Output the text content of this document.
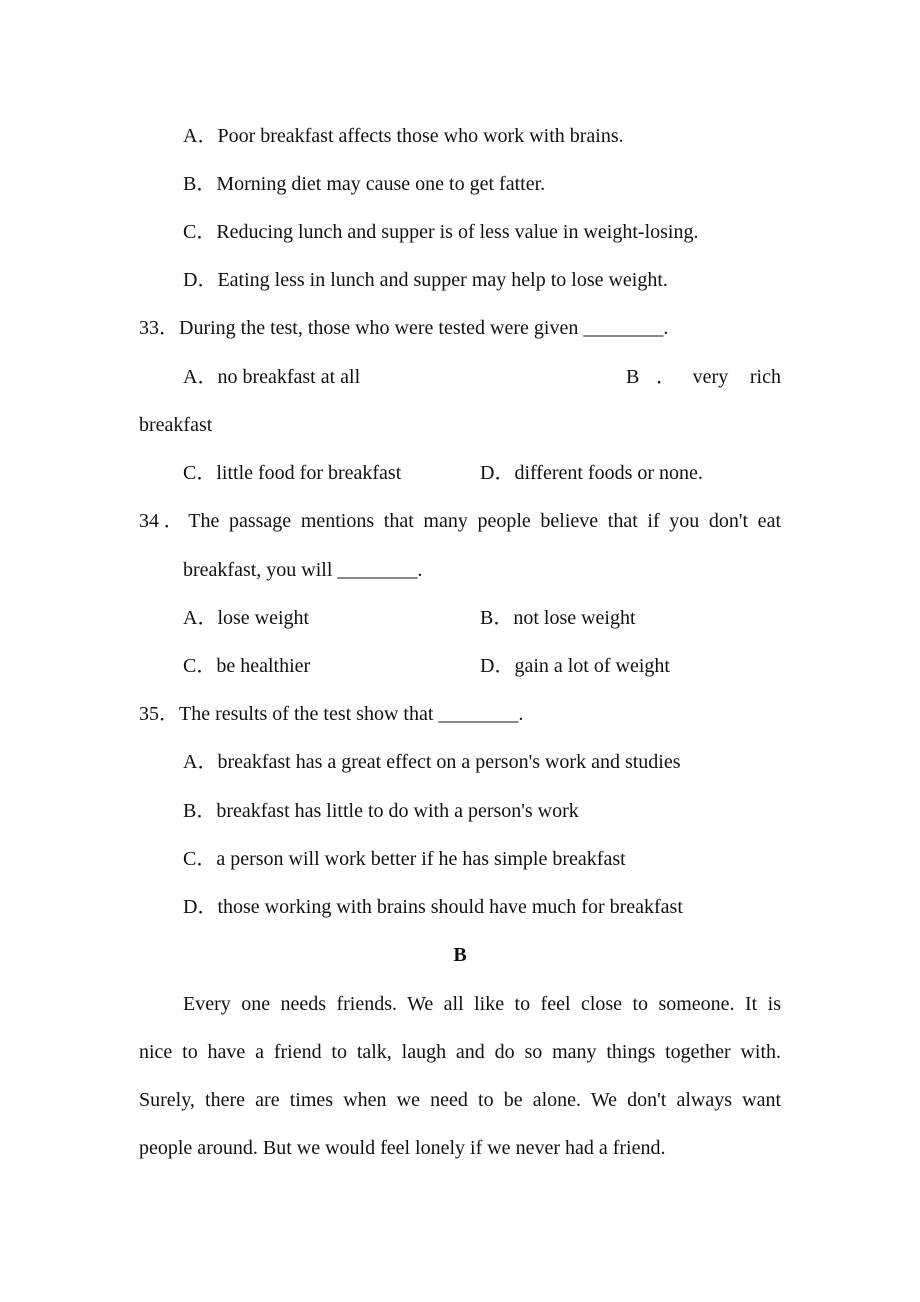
A．Poor breakfast affects those who work with brains.
B．Morning diet may cause one to get fatter.
C．Reducing lunch and supper is of less value in weight-losing.
D．Eating less in lunch and supper may help to lose weight.
33．During the test, those who were tested were given ________.
A．no breakfast at all	B．very rich
breakfast
C．little food for breakfast	D．different foods or none.
34．The passage mentions that many people believe that if you don't eat
breakfast, you will ________.
A．lose weight	B．not lose weight
C．be healthier	D．gain a lot of weight
35．The results of the test show that ________.
A．breakfast has a great effect on a person's work and studies
B．breakfast has little to do with a person's work
C．a person will work better if he has simple breakfast
D．those working with brains should have much for breakfast
B
Every one needs friends. We all like to feel close to someone. It is
nice to have a friend to talk, laugh and do so many things together with.
Surely, there are times when we need to be alone. We don't always want
people around. But we would feel lonely if we never had a friend.
